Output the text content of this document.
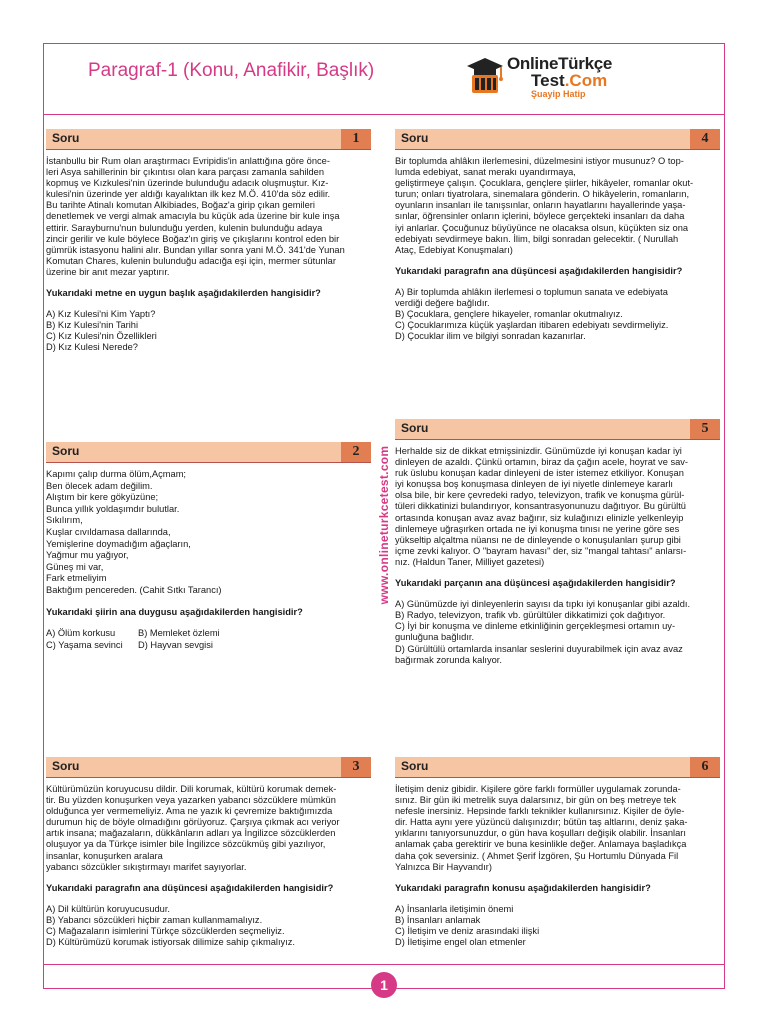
Paragraf-1 (Konu, Anafikir, Başlık)	OnlineTürkçe
Test.Com
Şuayip Hatip
www.onlineturkcetest.com
Soru	1
İstanbullu bir Rum olan araştırmacı Evripidis'in anlattığına göre önce-
leri Asya sahillerinin bir çıkıntısı olan kara parçası zamanla sahilden
kopmuş ve Kızkulesi'nin üzerinde bulunduğu adacık oluşmuştur. Kız-
kulesi'nin üzerinde yer aldığı kayalıktan ilk kez M.Ö. 410'da söz edilir.
Bu tarihte Atinalı komutan Alkibiades, Boğaz'a girip çıkan gemileri
denetlemek ve vergi almak amacıyla bu küçük ada üzerine bir kule inşa
ettirir. Sarayburnu'nun bulunduğu yerden, kulenin bulunduğu adaya
zincir gerilir ve kule böylece Boğaz'ın giriş ve çıkışlarını kontrol eden bir
gümrük istasyonu halini alır. Bundan yıllar sonra yani M.Ö. 341'de Yunan
Komutan Chares, kulenin bulunduğu adacığa eşi için, mermer sütunlar
üzerine bir anıt mezar yaptırır.
Yukarıdaki metne en uygun başlık aşağıdakilerden hangisidir?
A) Kız Kulesi'ni Kim Yaptı?
B) Kız Kulesi'nin Tarihi
C) Kız Kulesi'nin Özellikleri
D) Kız Kulesi Nerede?
Soru	2
Kapımı çalıp durma ölüm,Açmam;
Ben ölecek adam değilim.
Alıştım bir kere gökyüzüne;
Bunca yıllık yoldaşımdır bulutlar.
Sıkılırım,
Kuşlar cıvıldamasa dallarında,
Yemişlerine doymadığım ağaçların,
Yağmur mu yağıyor,
Güneş mi var,
Fark etmeliyim
Baktığım pencereden. (Cahit Sıtkı Tarancı)
Yukarıdaki şiirin ana duygusu aşağıdakilerden hangisidir?
A) Ölüm korkusu	B) Memleket özlemi
C) Yaşama sevinci	D) Hayvan sevgisi
Soru	3
Kültürümüzün koruyucusu dildir. Dili korumak, kültürü korumak demek-
tir. Bu yüzden konuşurken veya yazarken yabancı sözcüklere mümkün
olduğunca yer vermemeliyiz. Ama ne yazık ki çevremize baktığımızda
durumun hiç de böyle olmadığını görüyoruz. Çarşıya çıkmak acı veriyor
artık insana; mağazaların, dükkânların adları ya İngilizce sözcüklerden
oluşuyor ya da Türkçe isimler bile İngilizce sözcükmüş gibi yazılıyor,
insanlar, konuşurken aralara
yabancı sözcükler sıkıştırmayı marifet sayıyorlar.
Yukarıdaki paragrafın ana düşüncesi aşağıdakilerden hangisidir?
A) Dil kültürün koruyucusudur.
B) Yabancı sözcükleri hiçbir zaman kullanmamalıyız.
C) Mağazaların isimlerini Türkçe sözcüklerden seçmeliyiz.
D) Kültürümüzü korumak istiyorsak dilimize sahip çıkmalıyız.
Soru	4
Bir toplumda ahlâkın ilerlemesini, düzelmesini istiyor musunuz? O top-
lumda edebiyat, sanat merakı uyandırmaya,
geliştirmeye çalışın. Çocuklara, gençlere şiirler, hikâyeler, romanlar okut-
turun; onları tiyatrolara, sinemalara gönderin. O hikâyelerin, romanların,
oyunların insanları ile tanışsınlar, onların hayatlarını hayallerinde yaşa-
sınlar, öğrensinler onların içlerini, böylece gerçekteki insanları da daha
iyi anlarlar. Çocuğunuz büyüyünce ne olacaksa olsun, küçükten siz ona
edebiyatı sevdirmeye bakın. İlim, bilgi sonradan gelecektir. ( Nurullah
Ataç, Edebiyat Konuşmaları)
Yukarıdaki paragrafın ana düşüncesi aşağıdakilerden hangisidir?
A) Bir toplumda ahlâkın ilerlemesi o toplumun sanata ve edebiyata
verdiği değere bağlıdır.
B) Çocuklara, gençlere hikayeler, romanlar okutmalıyız.
C) Çocuklarımıza küçük yaşlardan itibaren edebiyatı sevdirmeliyiz.
D) Çocuklar ilim ve bilgiyi sonradan kazanırlar.
Soru	5
Herhalde siz de dikkat etmişsinizdir. Günümüzde iyi konuşan kadar iyi
dinleyen de azaldı. Çünkü ortamın, biraz da çağın acele, hoyrat ve sav-
ruk üslubu konuşan kadar dinleyeni de ister istemez etkiliyor. Konuşan
iyi konuşsa boş konuşmasa dinleyen de iyi niyetle dinlemeye kararlı
olsa bile, bir kere çevredeki radyo, televizyon, trafik ve konuşma gürül-
tüleri dikkatinizi bulandırıyor, konsantrasyonunuzu dağıtıyor. Bu gürültü
ortasında konuşan avaz avaz bağırır, siz kulağınızı elinizle yelkenleyip
dinlemeye uğraşırken ortada ne iyi konuşma tınısı ne yerine göre ses
yükseltip alçaltma nüansı ne de dinleyende o konuşulanları şurup gibi
içme zevki kalıyor. O "bayram havası" der, siz "mangal tahtası" anlarsı-
nız. (Haldun Taner, Milliyet gazetesi)
Yukarıdaki parçanın ana düşüncesi aşağıdakilerden hangisidir?
A) Günümüzde iyi dinleyenlerin sayısı da tıpkı iyi konuşanlar gibi azaldı.
B) Radyo, televizyon, trafik vb. gürültüler dikkatimizi çok dağıtıyor.
C) İyi bir konuşma ve dinleme etkinliğinin gerçekleşmesi ortamın uy-
gunluğuna bağlıdır.
D) Gürültülü ortamlarda insanlar seslerini duyurabilmek için avaz avaz
bağırmak zorunda kalıyor.
Soru	6
İletişim deniz gibidir. Kişilere göre farklı formüller uygulamak zorunda-
sınız. Bir gün iki metrelik suya dalarsınız, bir gün on beş metreye tek
nefesle inersiniz. Hepsinde farklı teknikler kullanırsınız. Kişiler de öyle-
dir. Hatta aynı yere yüzüncü dalışınızdır; bütün taş altlarını, deniz şaka-
yıklarını tanıyorsunuzdur, o gün hava koşulları değişik olabilir. İnsanları
anlamak çaba gerektirir ve buna kesinlikle değer. Anlamaya başladıkça
daha çok seversiniz. ( Ahmet Şerif İzgören, Şu Hortumlu Dünyada Fil
Yalnızca Bir Hayvandır)
Yukarıdaki paragrafın konusu aşağıdakilerden hangisidir?
A) İnsanlarla iletişimin önemi
B) İnsanları anlamak
C) İletişim ve deniz arasındaki ilişki
D) İletişime engel olan etmenler
1
